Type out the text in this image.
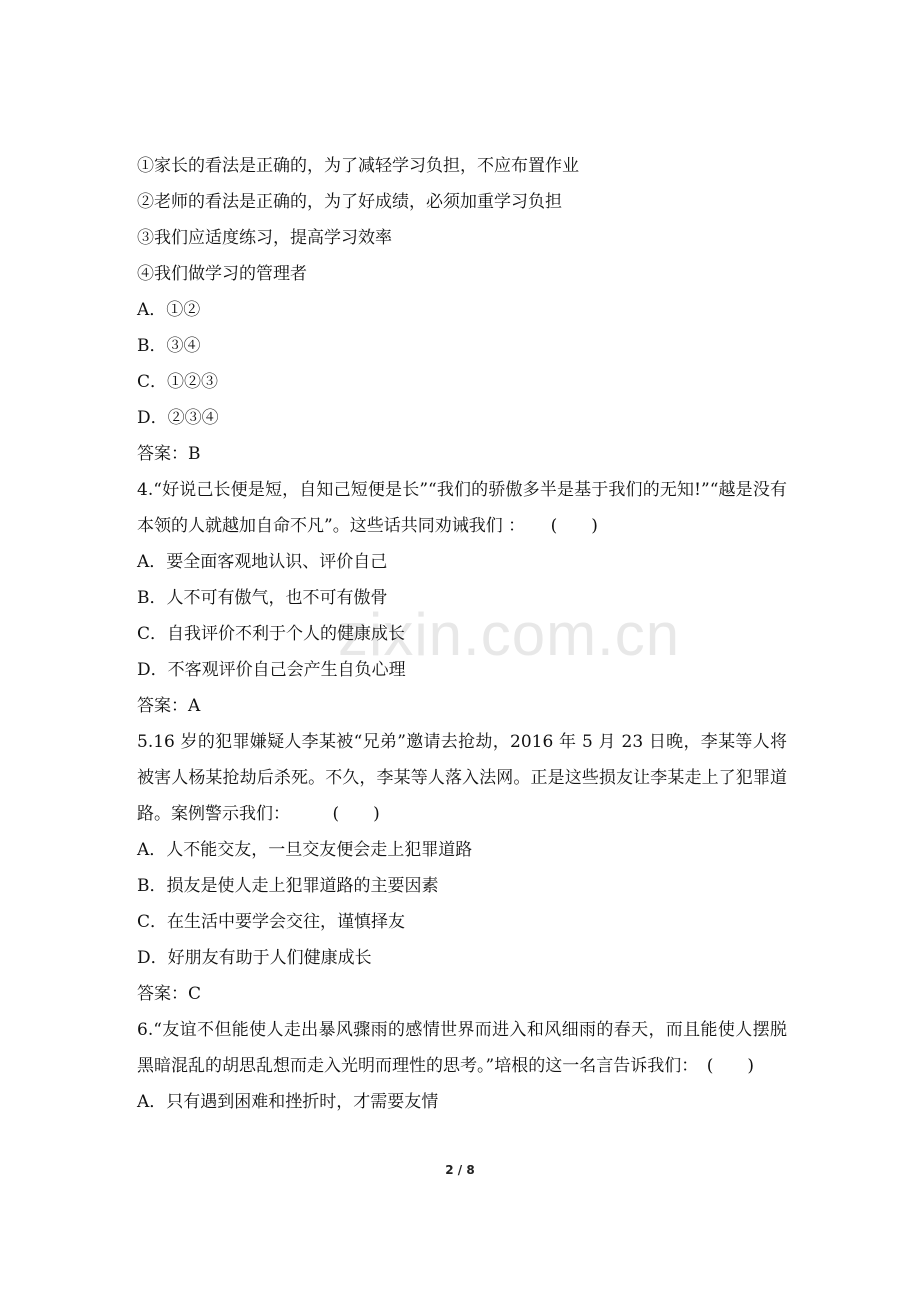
zixin.com.cn
①家长的看法是正确的，为了减轻学习负担，不应布置作业
②老师的看法是正确的，为了好成绩，必须加重学习负担
③我们应适度练习，提高学习效率
④我们做学习的管理者
A．①②
B．③④
C．①②③
D．②③④
答案：B
4.“好说己长便是短，自知己短便是长”“我们的骄傲多半是基于我们的无知!”“越是没有本领的人就越加自命不凡”。这些话共同劝诫我们 ：　　(　　)
A．要全面客观地认识、评价自己
B．人不可有傲气，也不可有傲骨
C．自我评价不利于个人的健康成长
D．不客观评价自己会产生自负心理
答案：A
5.16 岁的犯罪嫌疑人李某被“兄弟”邀请去抢劫，2016 年 5 月 23 日晚，李某等人将被害人杨某抢劫后杀死。不久，李某等人落入法网。正是这些损友让李某走上了犯罪道路。案例警示我们：　　　(　　)
A．人不能交友，一旦交友便会走上犯罪道路
B．损友是使人走上犯罪道路的主要因素
C．在生活中要学会交往，谨慎择友
D．好朋友有助于人们健康成长
答案：C
6.“友谊不但能使人走出暴风骤雨的感情世界而进入和风细雨的春天，而且能使人摆脱黑暗混乱的胡思乱想而走入光明而理性的思考。”培根的这一名言告诉我们：　(　　)
A．只有遇到困难和挫折时，才需要友情
2 / 8
